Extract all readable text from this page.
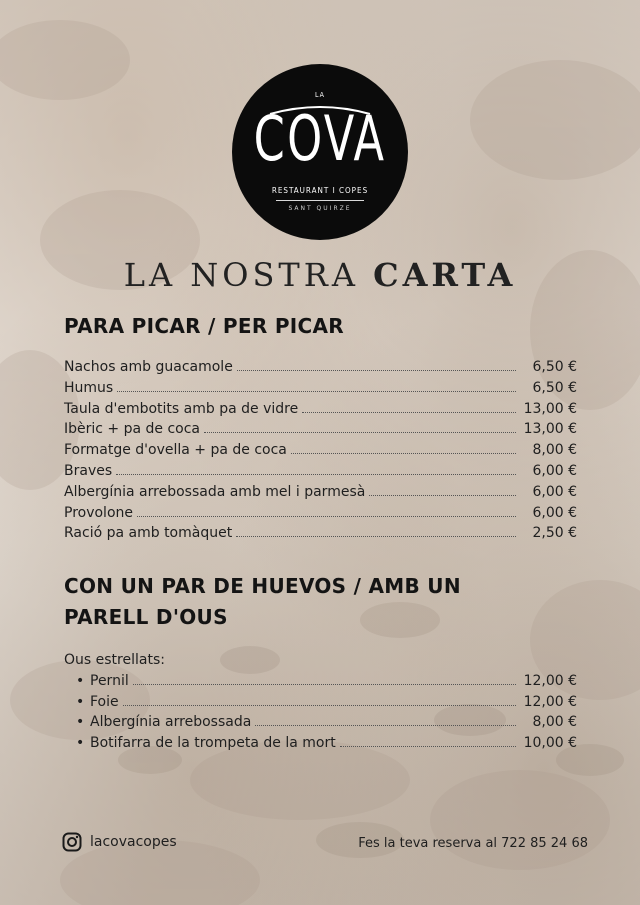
LA
COVA
RESTAURANT I COPES
SANT QUIRZE
LA NOSTRA CARTA
PARA PICAR / PER PICAR
Nachos amb guacamole	6,50 €
Humus	6,50 €
Taula d'embotits amb pa de vidre	13,00 €
Ibèric + pa de coca	13,00 €
Formatge d'ovella + pa de coca	8,00 €
Braves	6,00 €
Albergínia arrebossada amb mel i parmesà	6,00 €
Provolone	6,00 €
Ració pa amb tomàquet	2,50 €
CON UN PAR DE HUEVOS / AMB UN
PARELL D'OUS
Ous estrellats:
• Pernil	12,00 €
• Foie	12,00 €
• Albergínia arrebossada	8,00 €
• Botifarra de la trompeta de la mort	10,00 €
lacovacopes	Fes la teva reserva al 722 85 24 68
